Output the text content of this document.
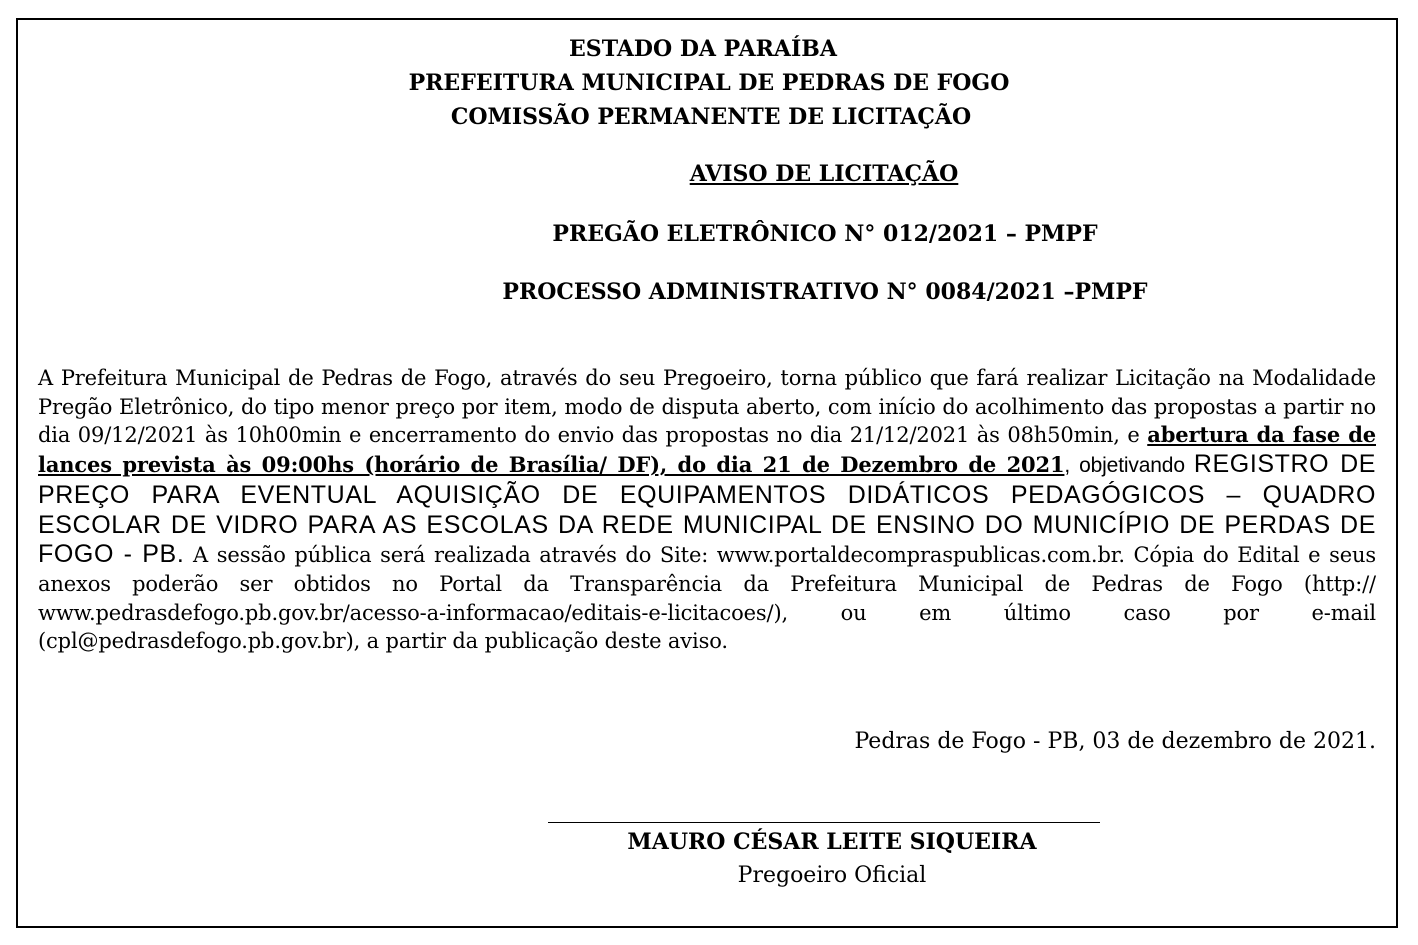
ESTADO DA PARAÍBA
PREFEITURA MUNICIPAL DE PEDRAS DE FOGO
COMISSÃO PERMANENTE DE LICITAÇÃO
AVISO DE LICITAÇÃO
PREGÃO ELETRÔNICO N° 012/2021 – PMPF
PROCESSO ADMINISTRATIVO N° 0084/2021 –PMPF
A Prefeitura Municipal de Pedras de Fogo, através do seu Pregoeiro, torna público que fará realizar Licitação na Modalidade Pregão Eletrônico, do tipo menor preço por item, modo de disputa aberto, com início do acolhimento das propostas a partir no dia 09/12/2021 às 10h00min e encerramento do envio das propostas no dia 21/12/2021 às 08h50min, e abertura da fase de lances prevista às 09:00hs (horário de Brasília/ DF), do dia 21 de Dezembro de 2021, objetivando REGISTRO DE PREÇO PARA EVENTUAL AQUISIÇÃO DE EQUIPAMENTOS DIDÁTICOS PEDAGÓGICOS – QUADRO ESCOLAR DE VIDRO PARA AS ESCOLAS DA REDE MUNICIPAL DE ENSINO DO MUNICÍPIO DE PERDAS DE FOGO - PB. A sessão pública será realizada através do Site: www.portaldecompraspublicas.com.br. Cópia do Edital e seus anexos poderão ser obtidos no Portal da Transparência da Prefeitura Municipal de Pedras de Fogo (http:// www.pedrasdefogo.pb.gov.br/acesso-a-informacao/editais-e-licitacoes/), ou em último caso por e-mail (cpl@pedrasdefogo.pb.gov.br), a partir da publicação deste aviso.
Pedras de Fogo - PB, 03 de dezembro de 2021.
MAURO CÉSAR LEITE SIQUEIRA
Pregoeiro Oficial
